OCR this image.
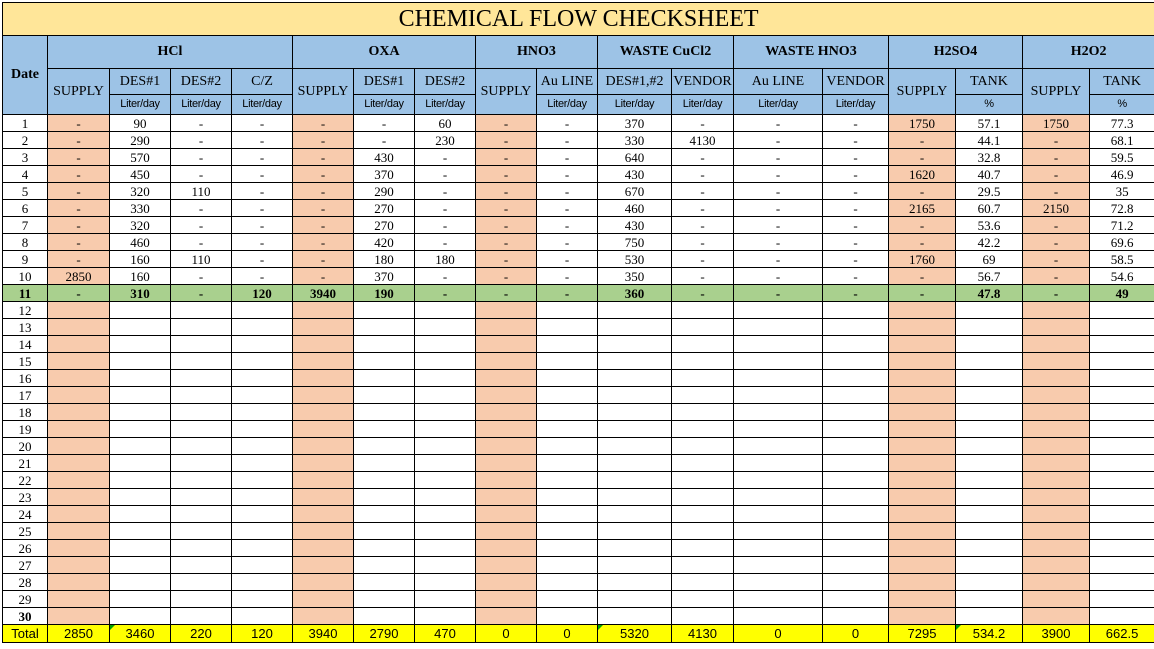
CHEMICAL FLOW CHECKSHEET																	
Date	HCl				OXA			HNO3		WASTE CuCl2		WASTE HNO3		H2SO4		H2O2	
	SUPPLY	DES#1	DES#2	C/Z	SUPPLY	DES#1	DES#2	SUPPLY	Au LINE	DES#1,#2	VENDOR	Au LINE	VENDOR	SUPPLY	TANK	SUPPLY	TANK
		Liter/day	Liter/day	Liter/day		Liter/day	Liter/day		Liter/day	Liter/day	Liter/day	Liter/day	Liter/day		%		%
1	-	90	-	-	-	-	60	-	-	370	-	-	-	1750	57.1	1750	77.3
2	-	290	-	-	-	-	230	-	-	330	4130	-	-	-	44.1	-	68.1
3	-	570	-	-	-	430	-	-	-	640	-	-	-	-	32.8	-	59.5
4	-	450	-	-	-	370	-	-	-	430	-	-	-	1620	40.7	-	46.9
5	-	320	110	-	-	290	-	-	-	670	-	-	-	-	29.5	-	35
6	-	330	-	-	-	270	-	-	-	460	-	-	-	2165	60.7	2150	72.8
7	-	320	-	-	-	270	-	-	-	430	-	-	-	-	53.6	-	71.2
8	-	460	-	-	-	420	-	-	-	750	-	-	-	-	42.2	-	69.6
9	-	160	110	-	-	180	180	-	-	530	-	-	-	1760	69	-	58.5
10	2850	160	-	-	-	370	-	-	-	350	-	-	-	-	56.7	-	54.6
11	-	310	-	120	3940	190	-	-	-	360	-	-	-	-	47.8	-	49
12																	
13																	
14																	
15																	
16																	
17																	
18																	
19																	
20																	
21																	
22																	
23																	
24																	
25																	
26																	
27																	
28																	
29																	
30																	
Total	2850	3460	220	120	3940	2790	470	0	0	5320	4130	0	0	7295	534.2	3900	662.5
